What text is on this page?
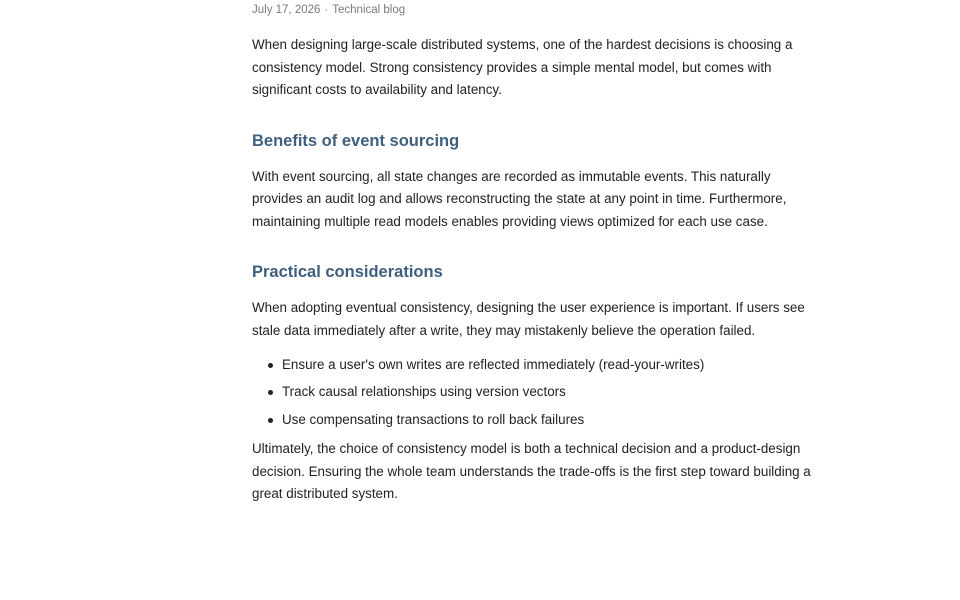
July 17, 2026 · Technical blog

When designing large-scale distributed systems, one of the hardest decisions is choosing a consistency model. Strong consistency provides a simple mental model, but comes with significant costs to availability and latency.

Benefits of event sourcing

With event sourcing, all state changes are recorded as immutable events. This naturally provides an audit log and allows reconstructing the state at any point in time. Furthermore, maintaining multiple read models enables providing views optimized for each use case.

Practical considerations

When adopting eventual consistency, designing the user experience is important. If users see stale data immediately after a write, they may mistakenly believe the operation failed.

Ensure a user's own writes are reflected immediately (read-your-writes)
Track causal relationships using version vectors
Use compensating transactions to roll back failures

Ultimately, the choice of consistency model is both a technical decision and a product-design decision. Ensuring the whole team understands the trade-offs is the first step toward building a great distributed system.
